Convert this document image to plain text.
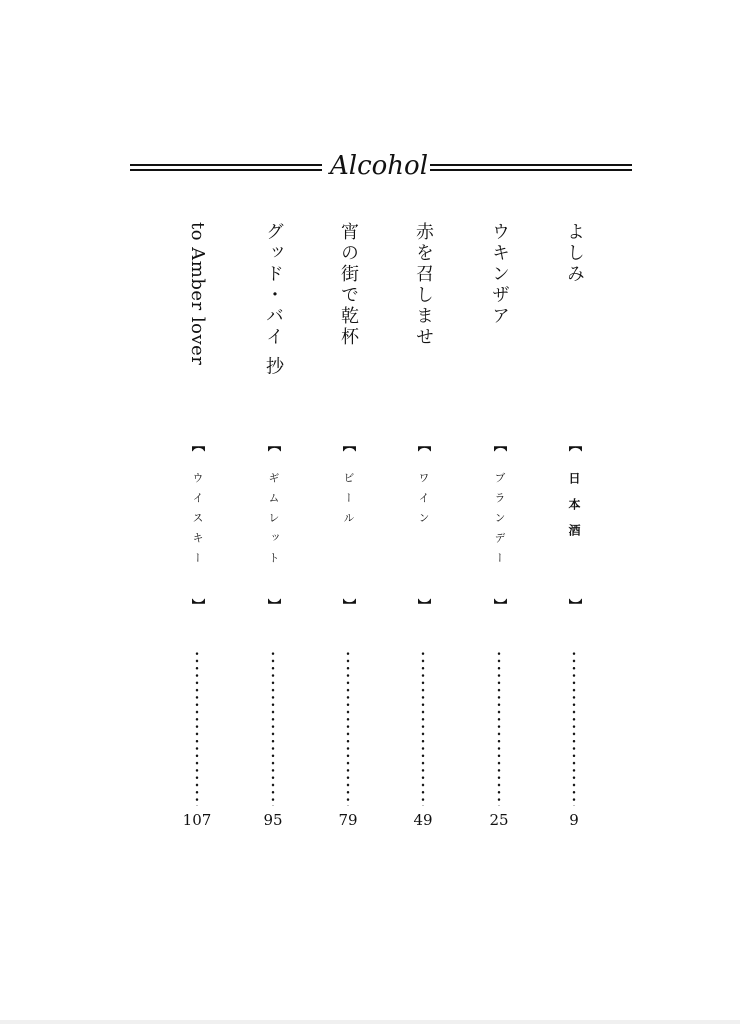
Alcohol
よしみ
【
日本酒
】
9
ウキンザア
【
ブランデー
】
25
赤を召しませ
【
ワイン
】
49
宵の街で乾杯
【
ビール
】
79
グッド・バイ 抄
【
ギムレット
】
95
to Amber lover
【
ウイスキー
】
107
